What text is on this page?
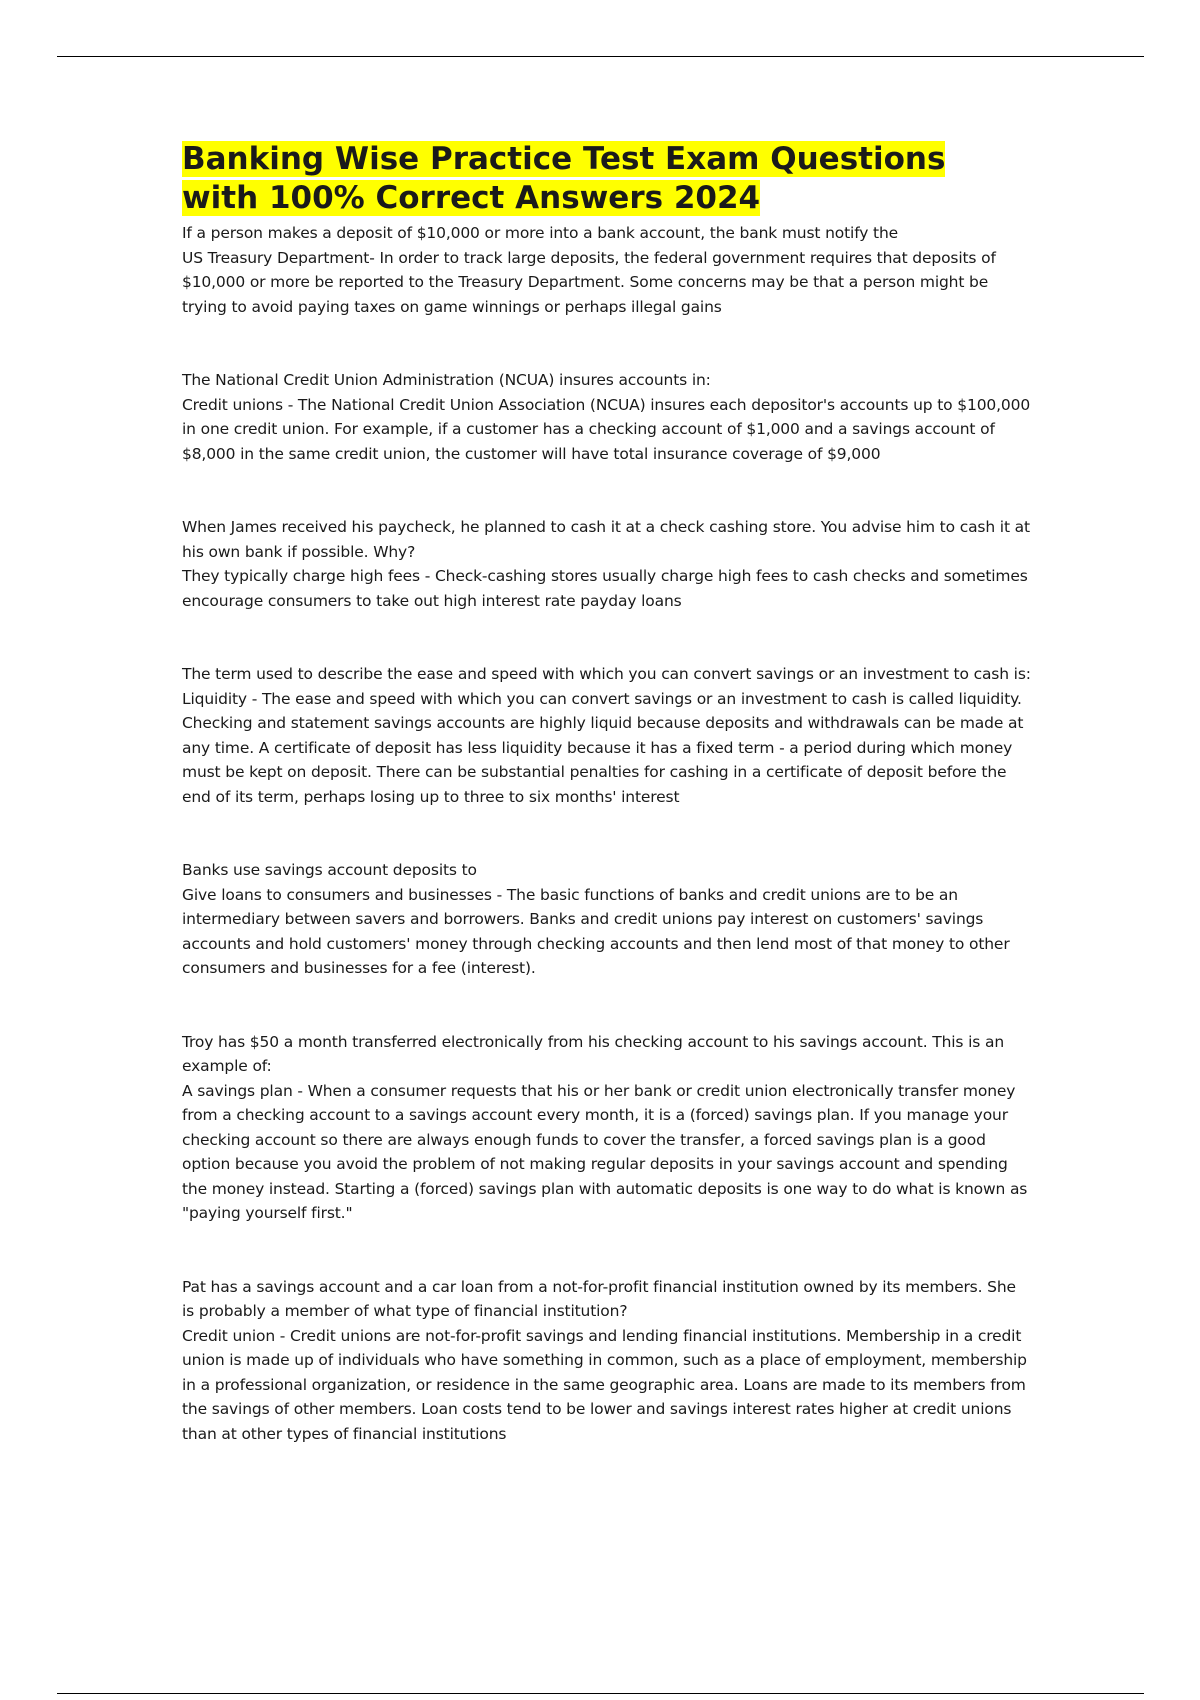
Banking Wise Practice Test Exam Questions with 100% Correct Answers 2024

If a person makes a deposit of $10,000 or more into a bank account, the bank must notify the

US Treasury Department- In order to track large deposits, the federal government requires that deposits of $10,000 or more be reported to the Treasury Department. Some concerns may be that a person might be trying to avoid paying taxes on game winnings or perhaps illegal gains

The National Credit Union Administration (NCUA) insures accounts in:

Credit unions - The National Credit Union Association (NCUA) insures each depositor's accounts up to $100,000 in one credit union. For example, if a customer has a checking account of $1,000 and a savings account of $8,000 in the same credit union, the customer will have total insurance coverage of $9,000

When James received his paycheck, he planned to cash it at a check cashing store. You advise him to cash it at his own bank if possible. Why?

They typically charge high fees - Check-cashing stores usually charge high fees to cash checks and sometimes encourage consumers to take out high interest rate payday loans

The term used to describe the ease and speed with which you can convert savings or an investment to cash is:

Liquidity - The ease and speed with which you can convert savings or an investment to cash is called liquidity. Checking and statement savings accounts are highly liquid because deposits and withdrawals can be made at any time. A certificate of deposit has less liquidity because it has a fixed term - a period during which money must be kept on deposit. There can be substantial penalties for cashing in a certificate of deposit before the end of its term, perhaps losing up to three to six months' interest

Banks use savings account deposits to

Give loans to consumers and businesses - The basic functions of banks and credit unions are to be an intermediary between savers and borrowers. Banks and credit unions pay interest on customers' savings accounts and hold customers' money through checking accounts and then lend most of that money to other consumers and businesses for a fee (interest).

Troy has $50 a month transferred electronically from his checking account to his savings account. This is an example of:

A savings plan - When a consumer requests that his or her bank or credit union electronically transfer money from a checking account to a savings account every month, it is a (forced) savings plan. If you manage your checking account so there are always enough funds to cover the transfer, a forced savings plan is a good option because you avoid the problem of not making regular deposits in your savings account and spending the money instead. Starting a (forced) savings plan with automatic deposits is one way to do what is known as "paying yourself first."

Pat has a savings account and a car loan from a not-for-profit financial institution owned by its members. She is probably a member of what type of financial institution?

Credit union - Credit unions are not-for-profit savings and lending financial institutions. Membership in a credit union is made up of individuals who have something in common, such as a place of employment, membership in a professional organization, or residence in the same geographic area. Loans are made to its members from the savings of other members. Loan costs tend to be lower and savings interest rates higher at credit unions than at other types of financial institutions
